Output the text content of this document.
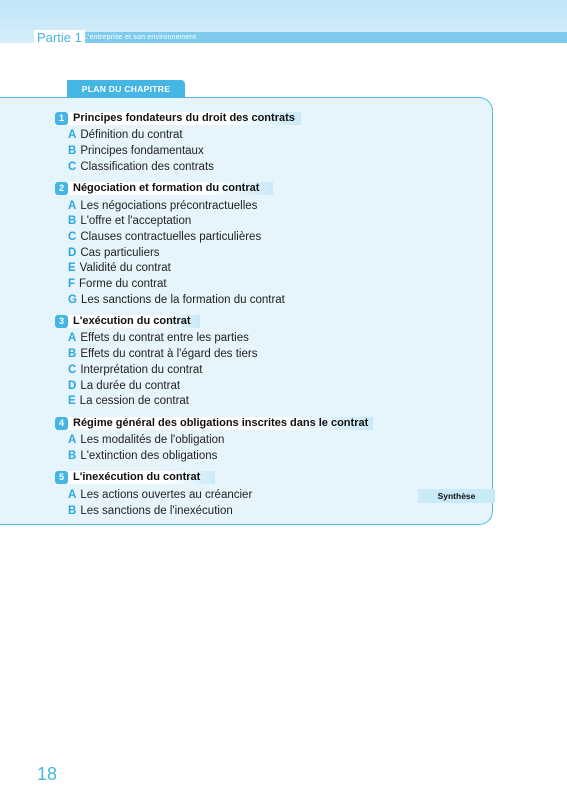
Partie 1 L'entreprise et son environnement
PLAN DU CHAPITRE
1 Principes fondateurs du droit des contrats
A Définition du contrat
B Principes fondamentaux
C Classification des contrats
2 Négociation et formation du contrat
A Les négociations précontractuelles
B L'offre et l'acceptation
C Clauses contractuelles particulières
D Cas particuliers
E Validité du contrat
F Forme du contrat
G Les sanctions de la formation du contrat
3 L'exécution du contrat
A Effets du contrat entre les parties
B Effets du contrat à l'égard des tiers
C Interprétation du contrat
D La durée du contrat
E La cession de contrat
4 Régime général des obligations inscrites dans le contrat
A Les modalités de l'obligation
B L'extinction des obligations
5 L'inexécution du contrat
A Les actions ouvertes au créancier
B Les sanctions de l'inexécution
Synthèse
18
